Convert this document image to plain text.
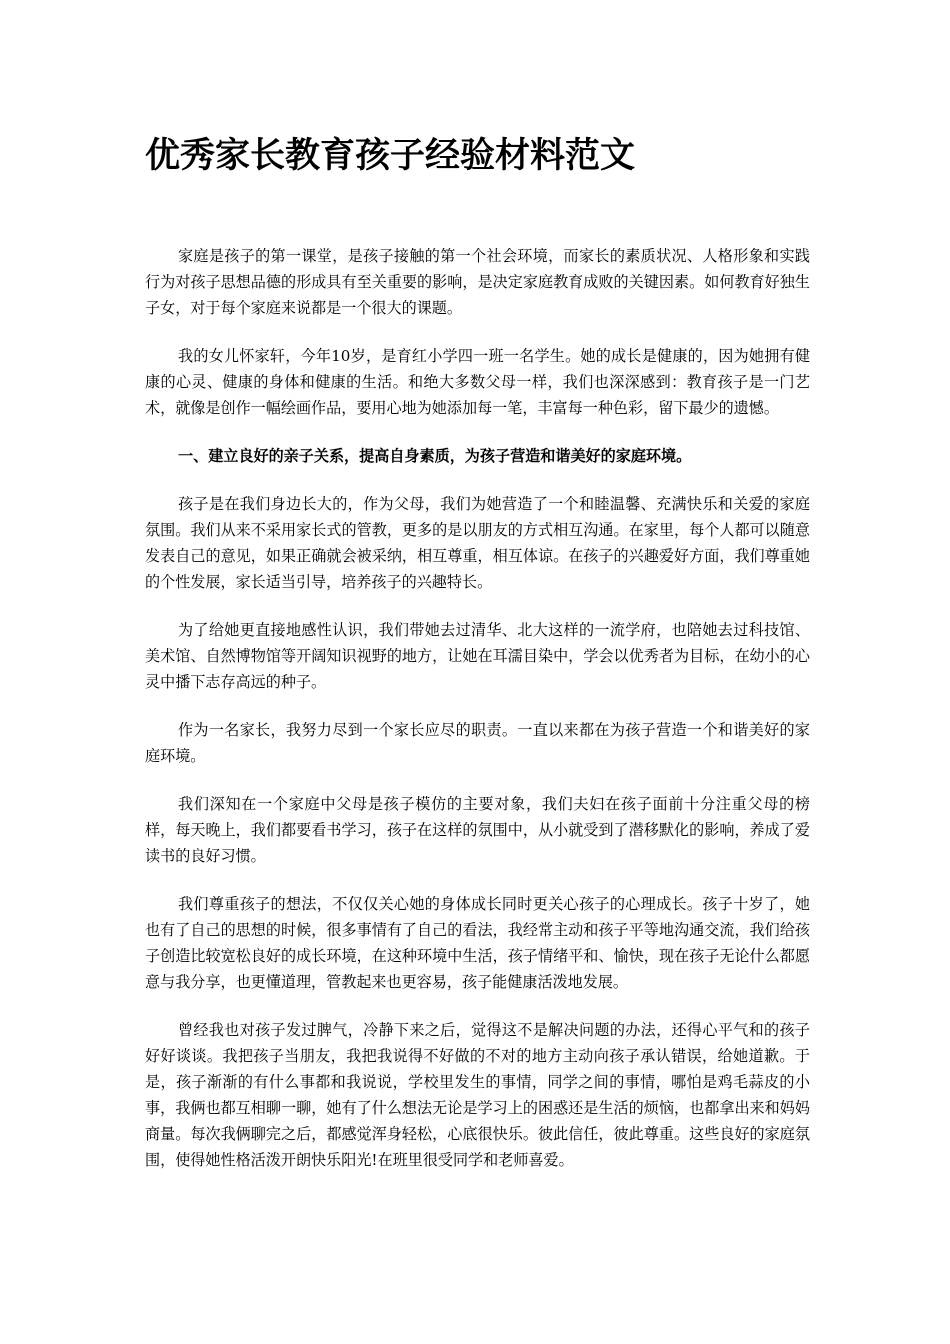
优秀家长教育孩子经验材料范文

家庭是孩子的第一课堂，是孩子接触的第一个社会环境，而家长的素质状况、人格形象和实践行为对孩子思想品德的形成具有至关重要的影响，是决定家庭教育成败的关键因素。如何教育好独生子女，对于每个家庭来说都是一个很大的课题。

我的女儿怀家轩，今年10岁，是育红小学四一班一名学生。她的成长是健康的，因为她拥有健康的心灵、健康的身体和健康的生活。和绝大多数父母一样，我们也深深感到：教育孩子是一门艺术，就像是创作一幅绘画作品，要用心地为她添加每一笔，丰富每一种色彩，留下最少的遗憾。

一、建立良好的亲子关系，提高自身素质，为孩子营造和谐美好的家庭环境。

孩子是在我们身边长大的，作为父母，我们为她营造了一个和睦温馨、充满快乐和关爱的家庭氛围。我们从来不采用家长式的管教，更多的是以朋友的方式相互沟通。在家里，每个人都可以随意发表自己的意见，如果正确就会被采纳，相互尊重，相互体谅。在孩子的兴趣爱好方面，我们尊重她的个性发展，家长适当引导，培养孩子的兴趣特长。

为了给她更直接地感性认识，我们带她去过清华、北大这样的一流学府，也陪她去过科技馆、美术馆、自然博物馆等开阔知识视野的地方，让她在耳濡目染中，学会以优秀者为目标，在幼小的心灵中播下志存高远的种子。

作为一名家长，我努力尽到一个家长应尽的职责。一直以来都在为孩子营造一个和谐美好的家庭环境。

我们深知在一个家庭中父母是孩子模仿的主要对象，我们夫妇在孩子面前十分注重父母的榜样，每天晚上，我们都要看书学习，孩子在这样的氛围中，从小就受到了潜移默化的影响，养成了爱读书的良好习惯。

我们尊重孩子的想法，不仅仅关心她的身体成长同时更关心孩子的心理成长。孩子十岁了，她也有了自己的思想的时候，很多事情有了自己的看法，我经常主动和孩子平等地沟通交流，我们给孩子创造比较宽松良好的成长环境，在这种环境中生活，孩子情绪平和、愉快，现在孩子无论什么都愿意与我分享，也更懂道理，管教起来也更容易，孩子能健康活泼地发展。

曾经我也对孩子发过脾气，冷静下来之后，觉得这不是解决问题的办法，还得心平气和的孩子好好谈谈。我把孩子当朋友，我把我说得不好做的不对的地方主动向孩子承认错误，给她道歉。于是，孩子渐渐的有什么事都和我说说，学校里发生的事情，同学之间的事情，哪怕是鸡毛蒜皮的小事，我俩也都互相聊一聊，她有了什么想法无论是学习上的困惑还是生活的烦恼，也都拿出来和妈妈商量。每次我俩聊完之后，都感觉浑身轻松，心底很快乐。彼此信任，彼此尊重。这些良好的家庭氛围，使得她性格活泼开朗快乐阳光!在班里很受同学和老师喜爱。
